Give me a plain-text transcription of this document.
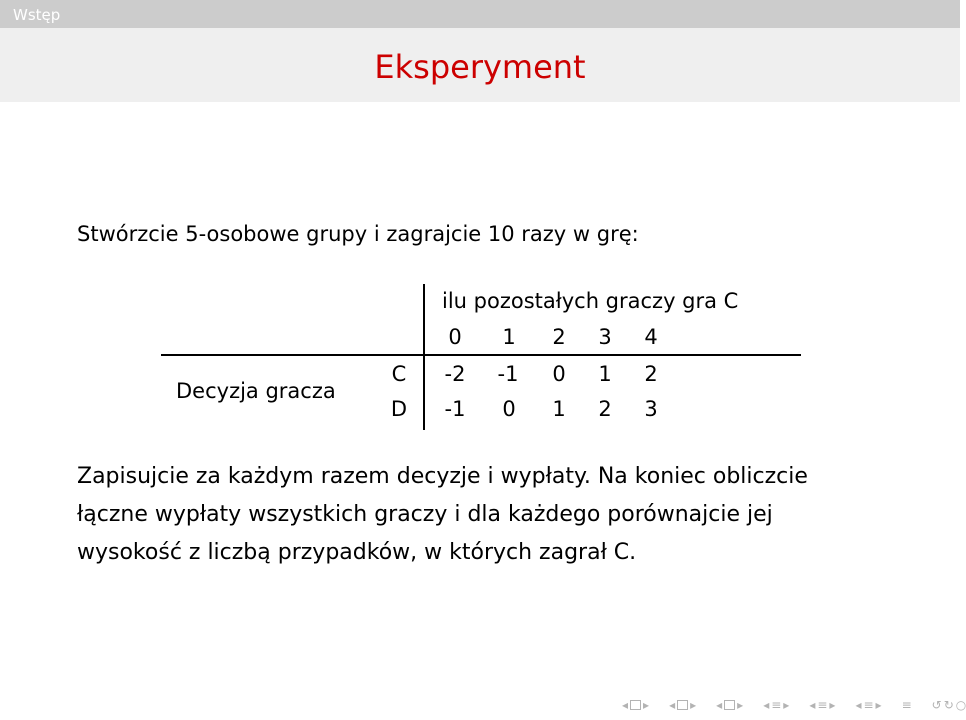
Wstęp
Eksperyment
Stwórzcie 5-osobowe grupy i zagrajcie 10 razy w grę:
ilu pozostałych graczy gra C
0 1 2 3 4
Decyzja gracza
C -2 -1 0 1 2
D -1 0 1 2 3
Zapisujcie za każdym razem decyzje i wypłaty. Na koniec obliczcie
łączne wypłaty wszystkich graczy i dla każdego porównajcie jej
wysokość z liczbą przypadków, w których zagrał C.
◂ ▸ ◂ ▸ ◂ ▸ ◂ ≡ ▸ ◂ ≡ ▸ ◂ ≡ ▸ ≡ ↺ ↻ ○
